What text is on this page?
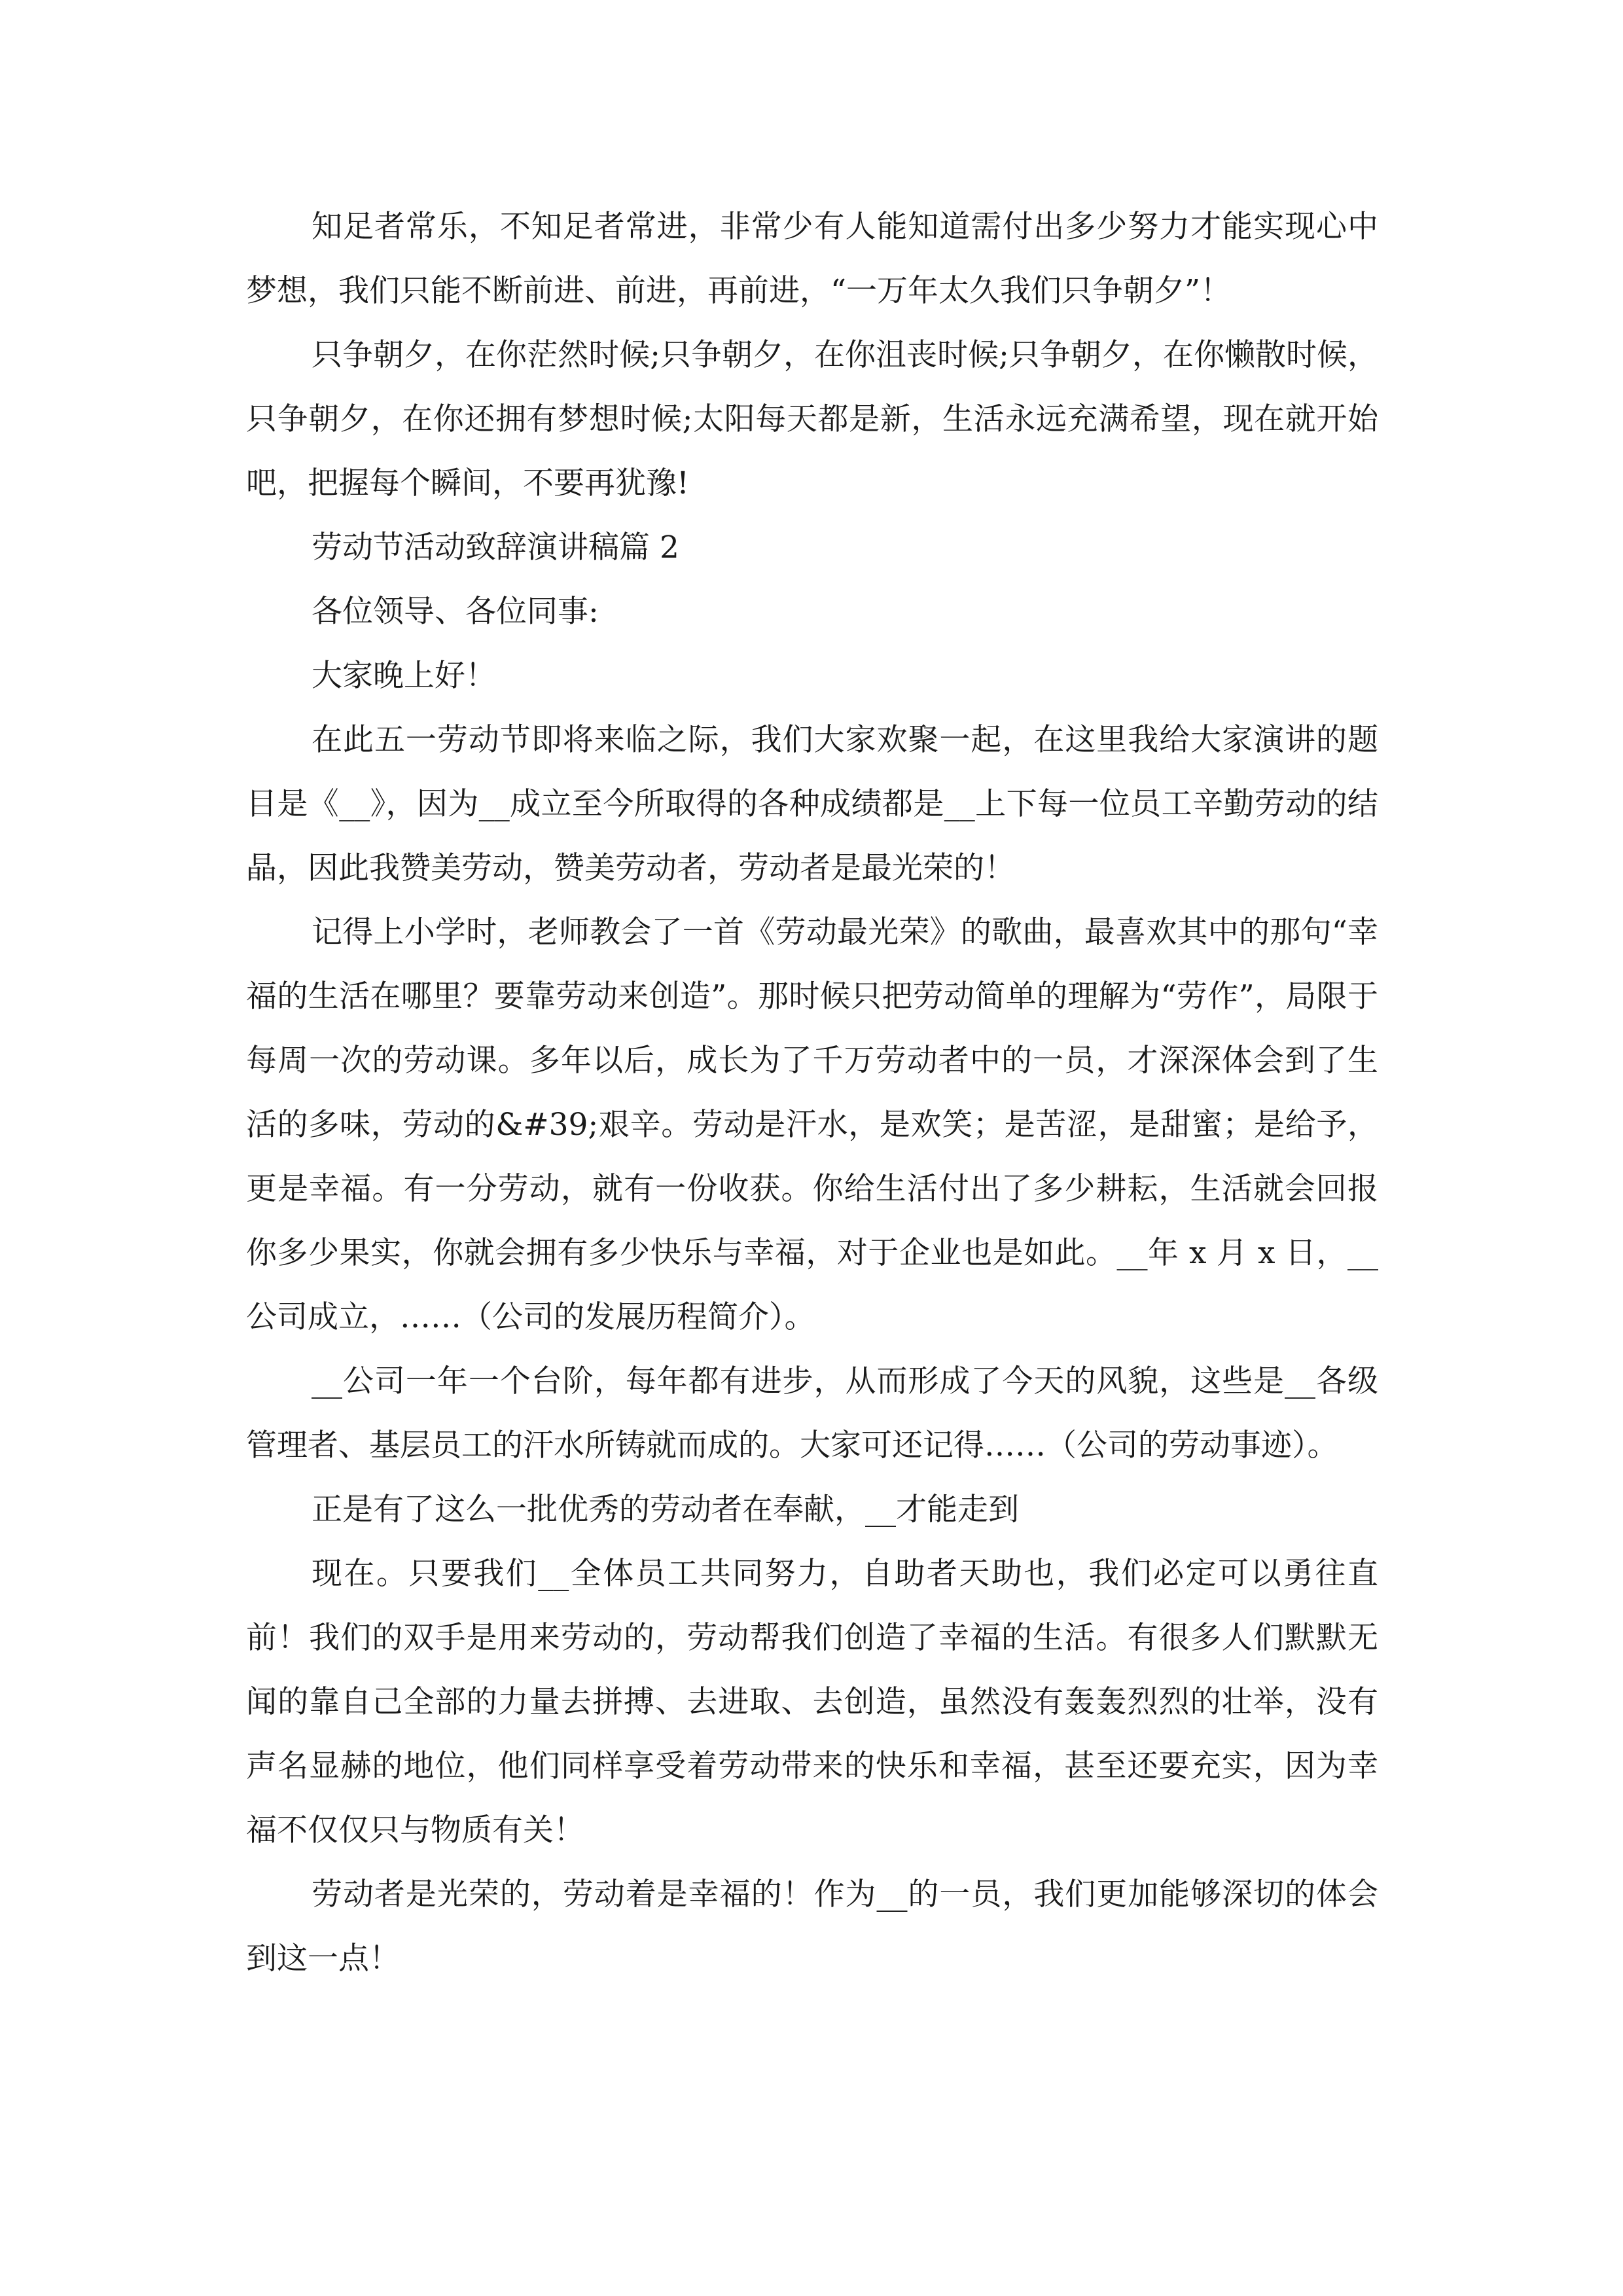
知足者常乐，不知足者常进，非常少有人能知道需付出多少努力才能实现心中梦想，我们只能不断前进、前进，再前进，“一万年太久我们只争朝夕”！

只争朝夕，在你茫然时候;只争朝夕，在你沮丧时候;只争朝夕，在你懒散时候，只争朝夕，在你还拥有梦想时候;太阳每天都是新，生活永远充满希望，现在就开始吧，把握每个瞬间，不要再犹豫!

劳动节活动致辞演讲稿篇 2

各位领导、各位同事:

大家晚上好！

在此五一劳动节即将来临之际，我们大家欢聚一起，在这里我给大家演讲的题目是《__》，因为__成立至今所取得的各种成绩都是__上下每一位员工辛勤劳动的结晶，因此我赞美劳动，赞美劳动者，劳动者是最光荣的！

记得上小学时，老师教会了一首《劳动最光荣》的歌曲，最喜欢其中的那句“幸福的生活在哪里？要靠劳动来创造”。那时候只把劳动简单的理解为“劳作”，局限于每周一次的劳动课。多年以后，成长为了千万劳动者中的一员，才深深体会到了生活的多味，劳动的&#39;艰辛。劳动是汗水，是欢笑；是苦涩，是甜蜜；是给予，更是幸福。有一分劳动，就有一份收获。你给生活付出了多少耕耘，生活就会回报你多少果实，你就会拥有多少快乐与幸福，对于企业也是如此。__年 x 月 x 日，__公司成立，……（公司的发展历程简介）。

__公司一年一个台阶，每年都有进步，从而形成了今天的风貌，这些是__各级管理者、基层员工的汗水所铸就而成的。大家可还记得……（公司的劳动事迹）。

正是有了这么一批优秀的劳动者在奉献，__才能走到

现在。只要我们__全体员工共同努力，自助者天助也，我们必定可以勇往直前！我们的双手是用来劳动的，劳动帮我们创造了幸福的生活。有很多人们默默无闻的靠自己全部的力量去拼搏、去进取、去创造，虽然没有轰轰烈烈的壮举，没有声名显赫的地位，他们同样享受着劳动带来的快乐和幸福，甚至还要充实，因为幸福不仅仅只与物质有关！

劳动者是光荣的，劳动着是幸福的！作为__的一员，我们更加能够深切的体会到这一点！
